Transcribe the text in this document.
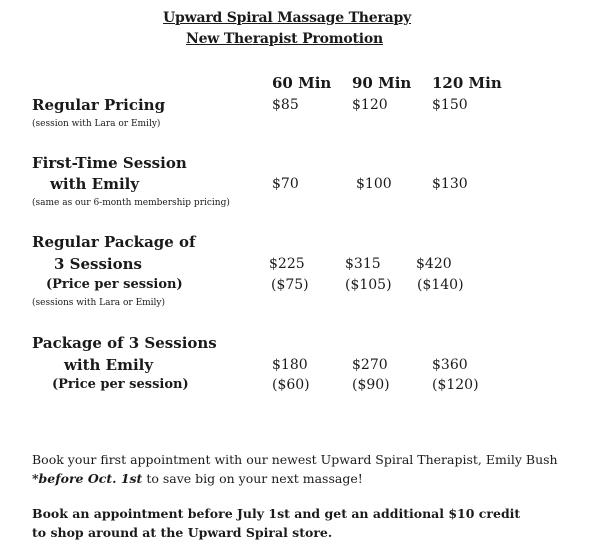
Upward Spiral Massage Therapy
New Therapist Promotion
60 Min 90 Min 120 Min
Regular Pricing
(session with Lara or Emily)
$85	$120	$150
First-Time Session
with Emily
(same as our 6-month membership pricing)
$70	$100	$130
Regular Package of
3 Sessions
(Price per session)
(sessions with Lara or Emily)
$225	$315	$420
($75)	($105) ($140)
Package of 3 Sessions
with Emily
(Price per session)
$180	$270	$360
($60)	($90)	($120)
Book your first appointment with our newest Upward Spiral Therapist, Emily Bush
*before Oct. 1st to save big on your next massage!
Book an appointment before July 1st and get an additional $10 credit to shop around at the Upward Spiral store.
